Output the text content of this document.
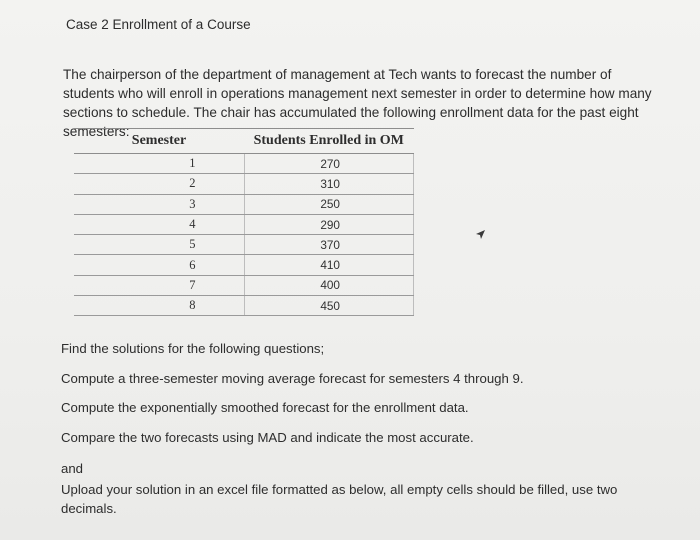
Case 2 Enrollment of a Course
The chairperson of the department of management at Tech wants to forecast the number of students who will enroll in operations management next semester in order to determine how many sections to schedule. The chair has accumulated the following enrollment data for the past eight semesters:
Semester	Students Enrolled in OM
1	270
2	310
3	250
4	290
5	370
6	410
7	400
8	450
Find the solutions for the following questions;
Compute a three-semester moving average forecast for semesters 4 through 9.
Compute the exponentially smoothed forecast for the enrollment data.
Compare the two forecasts using MAD and indicate the most accurate.
and
Upload your solution in an excel file formatted as below, all empty cells should be filled, use two decimals.
